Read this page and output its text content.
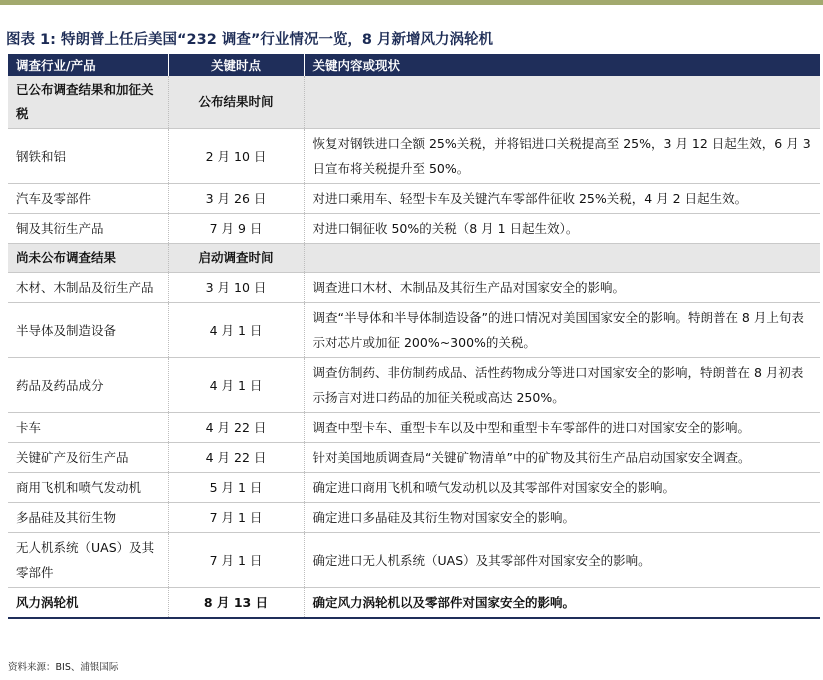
图表 1: 特朗普上任后美国“232 调查”行业情况一览，8 月新增风力涡轮机
调查行业/产品	关键时点	关键内容或现状
已公布调查结果和加征关税	公布结果时间	
钢铁和铝	2 月 10 日	恢复对钢铁进口全额 25%关税，并将铝进口关税提高至 25%，3 月 12 日起生效，6 月 3 日宣布将关税提升至 50%。
汽车及零部件	3 月 26 日	对进口乘用车、轻型卡车及关键汽车零部件征收 25%关税，4 月 2 日起生效。
铜及其衍生产品	7 月 9 日	对进口铜征收 50%的关税（8 月 1 日起生效）。
尚未公布调查结果	启动调查时间	
木材、木制品及衍生产品	3 月 10 日	调查进口木材、木制品及其衍生产品对国家安全的影响。
半导体及制造设备	4 月 1 日	调查“半导体和半导体制造设备”的进口情况对美国国家安全的影响。特朗普在 8 月上旬表示对芯片或加征 200%~300%的关税。
药品及药品成分	4 月 1 日	调查仿制药、非仿制药成品、活性药物成分等进口对国家安全的影响，特朗普在 8 月初表示扬言对进口药品的加征关税或高达 250%。
卡车	4 月 22 日	调查中型卡车、重型卡车以及中型和重型卡车零部件的进口对国家安全的影响。
关键矿产及衍生产品	4 月 22 日	针对美国地质调查局“关键矿物清单”中的矿物及其衍生产品启动国家安全调查。
商用飞机和喷气发动机	5 月 1 日	确定进口商用飞机和喷气发动机以及其零部件对国家安全的影响。
多晶硅及其衍生物	7 月 1 日	确定进口多晶硅及其衍生物对国家安全的影响。
无人机系统（UAS）及其零部件	7 月 1 日	确定进口无人机系统（UAS）及其零部件对国家安全的影响。
风力涡轮机	8 月 13 日	确定风力涡轮机以及零部件对国家安全的影响。
资料来源：BIS、浦银国际
